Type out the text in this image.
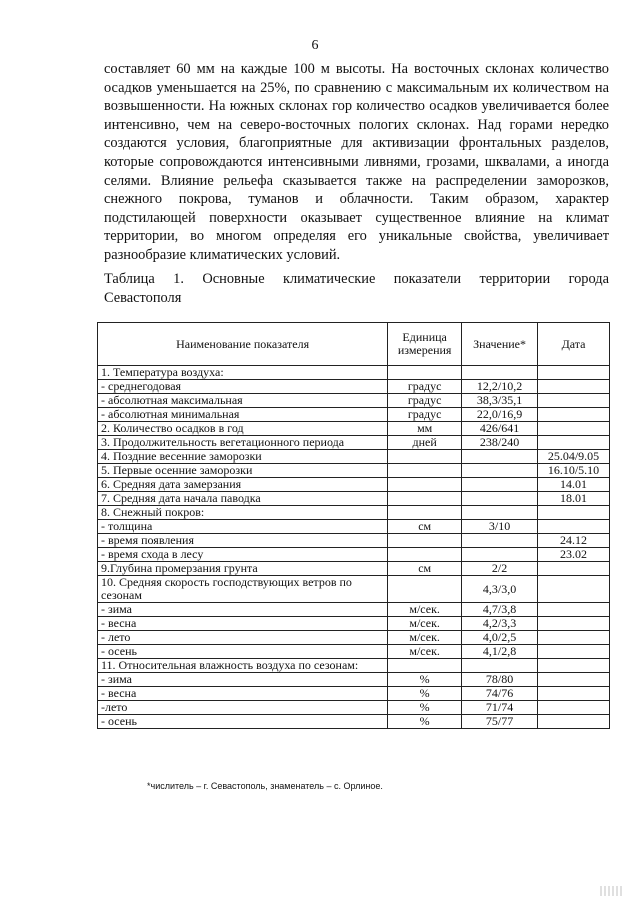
6

составляет 60 мм на каждые 100 м высоты. На восточных склонах количество осадков уменьшается на 25%, по сравнению с максимальным их количеством на возвышенности. На южных склонах гор количество осадков увеличивается более интенсивно, чем на северо-восточных пологих склонах. Над горами нередко создаются условия, благоприятные для активизации фронтальных разделов, которые сопровождаются интенсивными ливнями, грозами, шквалами, а иногда селями. Влияние рельефа сказывается также на распределении заморозков, снежного покрова, туманов и облачности. Таким образом, характер подстилающей поверхности оказывает существенное влияние на климат территории, во многом определяя его уникальные свойства, увеличивает разнообразие климатических условий.

Таблица 1. Основные климатические показатели территории города
Севастополя
Наименование показателя	Единица измерения	Значение*	Дата
1. Температура воздуха:			
- среднегодовая	градус	12,2/10,2	
- абсолютная максимальная	градус	38,3/35,1	
- абсолютная минимальная	градус	22,0/16,9	
2. Количество осадков в год	мм	426/641	
3. Продолжительность вегетационного периода	дней	238/240	
4. Поздние весенние заморозки			25.04/9.05
5. Первые осенние заморозки			16.10/5.10
6. Средняя дата замерзания			14.01
7. Средняя дата начала паводка			18.01
8. Снежный покров:			
- толщина	см	3/10	
- время появления			24.12
- время схода в лесу			23.02
9.Глубина промерзания грунта	см	2/2	
10. Средняя скорость господствующих ветров по сезонам		4,3/3,0	
- зима	м/сек.	4,7/3,8	
- весна	м/сек.	4,2/3,3	
- лето	м/сек.	4,0/2,5	
- осень	м/сек.	4,1/2,8	
11. Относительная влажность воздуха по сезонам:			
- зима	%	78/80	
- весна	%	74/76	
-лето	%	71/74	
- осень	%	75/77	
*числитель – г. Севастополь, знаменатель – с. Орлиное.
